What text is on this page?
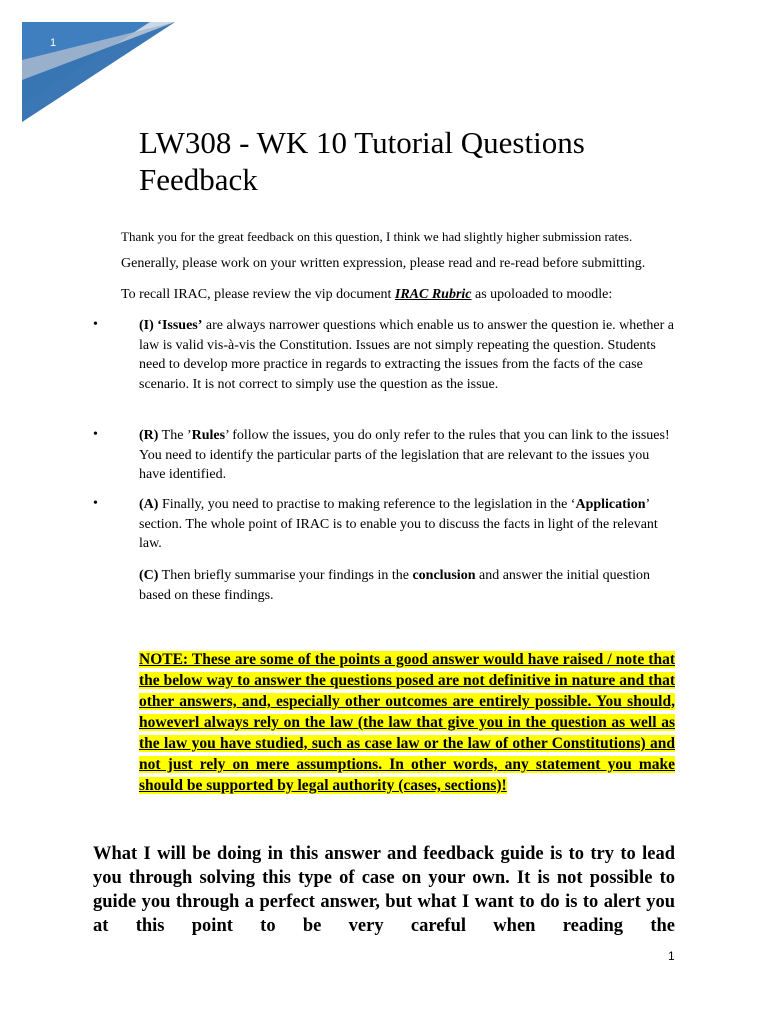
1
LW308 - WK 10 Tutorial Questions Feedback

Thank you for the great feedback on this question, I think we had slightly higher submission rates.

Generally, please work on your written expression, please read and re-read before submitting.

To recall IRAC, please review the vip document IRAC Rubric as upoloaded to moodle:

•	(I) ‘Issues’ are always narrower questions which enable us to answer the question ie. whether a law is valid vis-à-vis the Constitution. Issues are not simply repeating the question. Students need to develop more practice in regards to extracting the issues from the facts of the case scenario. It is not correct to simply use the question as the issue.

•	(R) The ’Rules’ follow the issues, you do only refer to the rules that you can link to the issues! You need to identify the particular parts of the legislation that are relevant to the issues you have identified.

•	(A) Finally, you need to practise to making reference to the legislation in the ‘Application’ section. The whole point of IRAC is to enable you to discuss the facts in light of the relevant law.

(C) Then briefly summarise your findings in the conclusion and answer the initial question based on these findings.

NOTE: These are some of the points a good answer would have raised / note that the below way to answer the questions posed are not definitive in nature and that other answers, and, especially other outcomes are entirely possible. You should, howeverl always rely on the law (the law that give you in the question as well as the law you have studied, such as case law or the law of other Constitutions) and not just rely on mere assumptions. In other words, any statement you make should be supported by legal authority (cases, sections)!

What I will be doing in this answer and feedback guide is to try to lead you through solving this type of case on your own. It is not possible to guide you through a perfect answer, but what I want to do is to alert you at this point to be very careful when reading the

1
